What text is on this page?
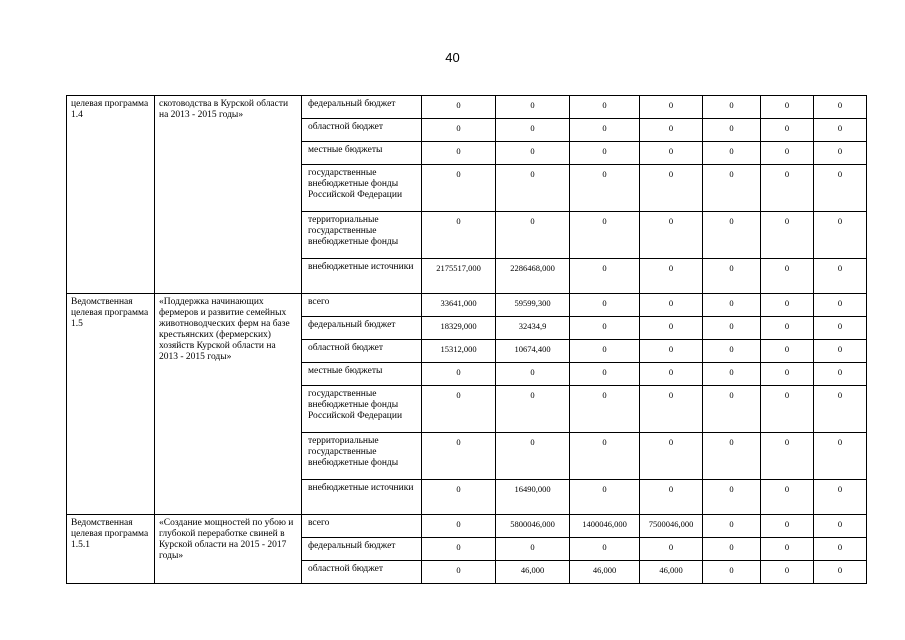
40
целевая программа 1.4	скотоводства в Курской области на 2013 - 2015 годы»	федеральный бюджет	0	0	0	0	0	0	0
		областной бюджет	0	0	0	0	0	0	0
		местные бюджеты	0	0	0	0	0	0	0
		государственные внебюджетные фонды Российской Федерации	0	0	0	0	0	0	0
		территориальные государственные внебюджетные фонды	0	0	0	0	0	0	0
		внебюджетные источники	2175517,000	2286468,000	0	0	0	0	0
Ведомственная целевая программа 1.5	«Поддержка начинающих фермеров и развитие семейных животноводческих ферм на базе крестьянских (фермерских) хозяйств Курской области на 2013 - 2015 годы»	всего	33641,000	59599,300	0	0	0	0	0
		федеральный бюджет	18329,000	32434,9	0	0	0	0	0
		областной бюджет	15312,000	10674,400	0	0	0	0	0
		местные бюджеты	0	0	0	0	0	0	0
		государственные внебюджетные фонды Российской Федерации	0	0	0	0	0	0	0
		территориальные государственные внебюджетные фонды	0	0	0	0	0	0	0
		внебюджетные источники	0	16490,000	0	0	0	0	0
Ведомственная целевая программа 1.5.1	«Создание мощностей по убою и глубокой переработке свиней в Курской области на 2015 - 2017 годы»	всего	0	5800046,000	1400046,000	7500046,000	0	0	0
		федеральный бюджет	0	0	0	0	0	0	0
		областной бюджет	0	46,000	46,000	46,000	0	0	0
